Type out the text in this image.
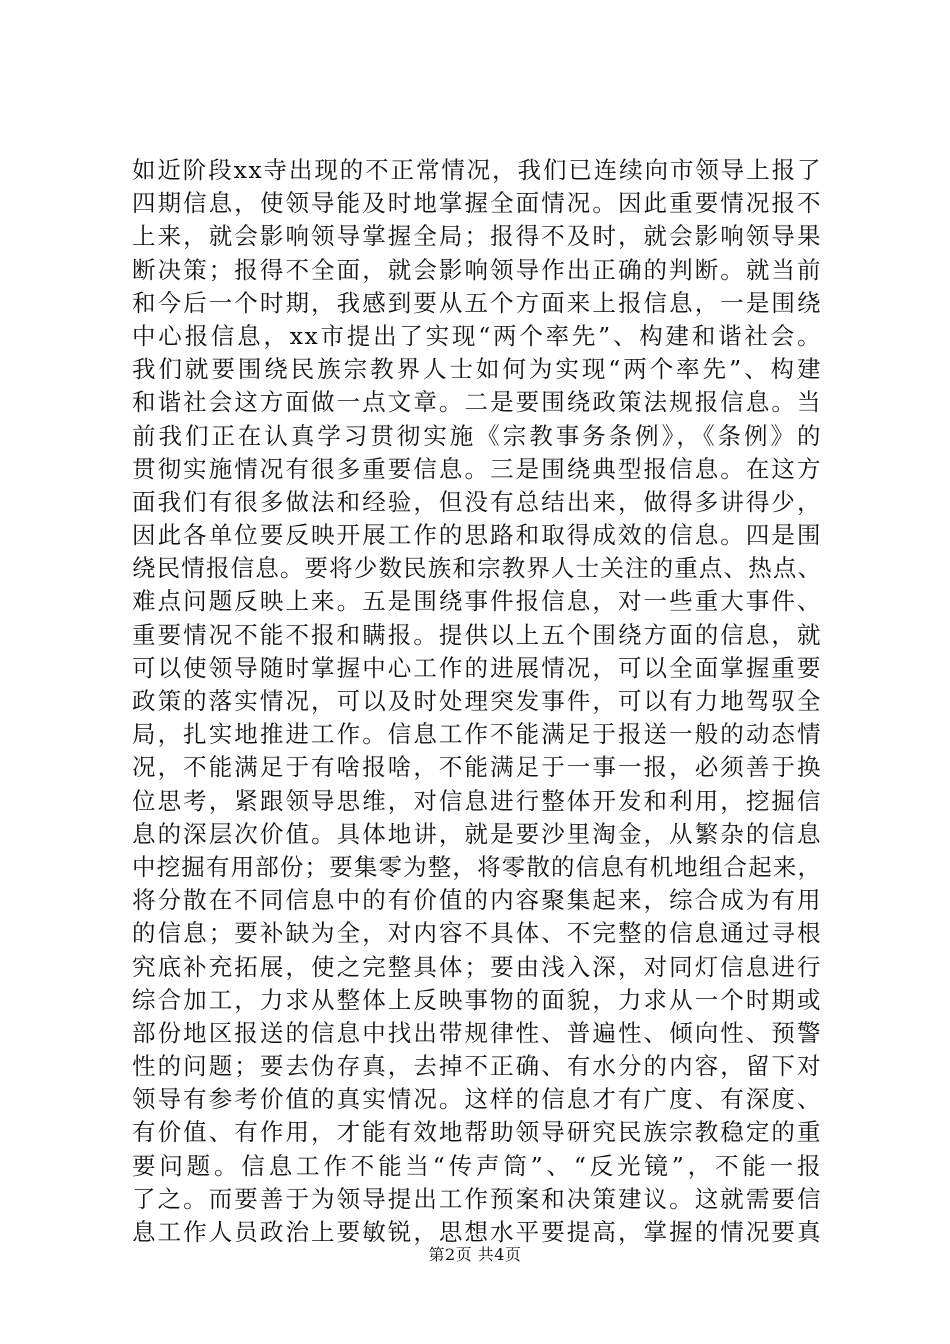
如近阶段xx寺出现的不正常情况，我们已连续向市领导上报了
四期信息，使领导能及时地掌握全面情况。因此重要情况报不
上来，就会影响领导掌握全局；报得不及时，就会影响领导果
断决策；报得不全面，就会影响领导作出正确的判断。就当前
和今后一个时期，我感到要从五个方面来上报信息，一是围绕
中心报信息，xx市提出了实现“两个率先”、构建和谐社会。
我们就要围绕民族宗教界人士如何为实现“两个率先”、构建
和谐社会这方面做一点文章。二是要围绕政策法规报信息。当
前我们正在认真学习贯彻实施《宗教事务条例》，《条例》的
贯彻实施情况有很多重要信息。三是围绕典型报信息。在这方
面我们有很多做法和经验，但没有总结出来，做得多讲得少，
因此各单位要反映开展工作的思路和取得成效的信息。四是围
绕民情报信息。要将少数民族和宗教界人士关注的重点、热点、
难点问题反映上来。五是围绕事件报信息，对一些重大事件、
重要情况不能不报和瞒报。提供以上五个围绕方面的信息，就
可以使领导随时掌握中心工作的进展情况，可以全面掌握重要
政策的落实情况，可以及时处理突发事件，可以有力地驾驭全
局，扎实地推进工作。信息工作不能满足于报送一般的动态情
况，不能满足于有啥报啥，不能满足于一事一报，必须善于换
位思考，紧跟领导思维，对信息进行整体开发和利用，挖掘信
息的深层次价值。具体地讲，就是要沙里淘金，从繁杂的信息
中挖掘有用部份；要集零为整，将零散的信息有机地组合起来，
将分散在不同信息中的有价值的内容聚集起来，综合成为有用
的信息；要补缺为全，对内容不具体、不完整的信息通过寻根
究底补充拓展，使之完整具体；要由浅入深，对同灯信息进行
综合加工，力求从整体上反映事物的面貌，力求从一个时期或
部份地区报送的信息中找出带规律性、普遍性、倾向性、预警
性的问题；要去伪存真，去掉不正确、有水分的内容，留下对
领导有参考价值的真实情况。这样的信息才有广度、有深度、
有价值、有作用，才能有效地帮助领导研究民族宗教稳定的重
要问题。信息工作不能当“传声筒”、“反光镜”，不能一报
了之。而要善于为领导提出工作预案和决策建议。这就需要信
息工作人员政治上要敏锐，思想水平要提高，掌握的情况要真
第2页 共4页
